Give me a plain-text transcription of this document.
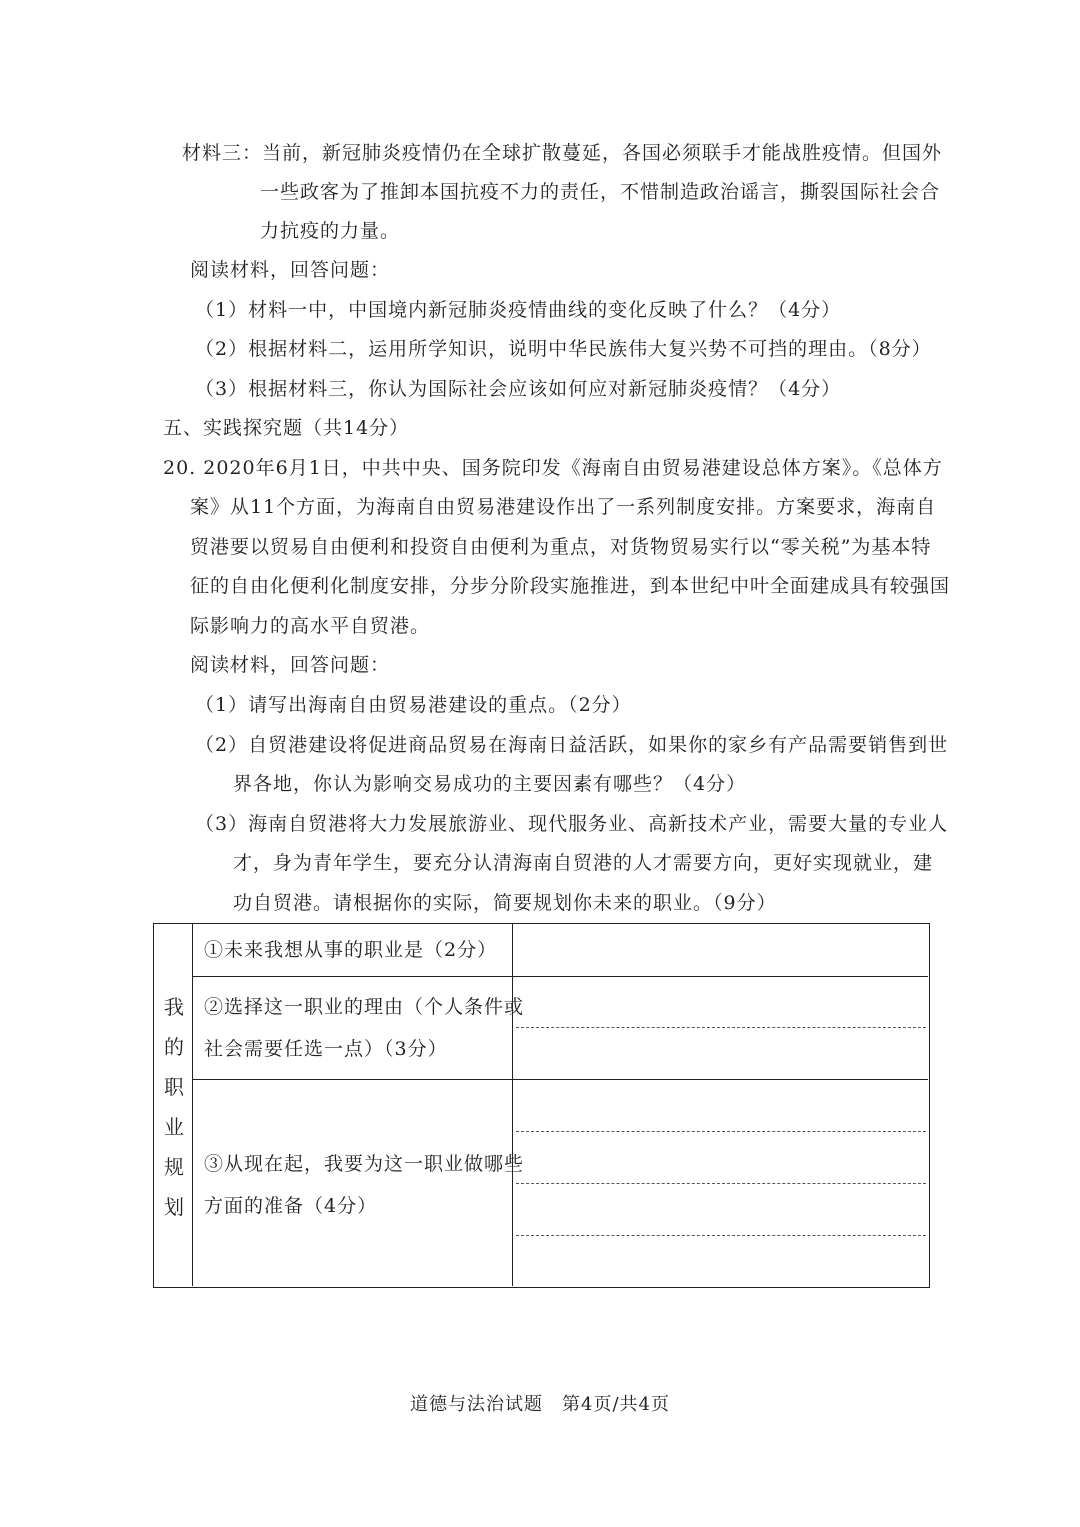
材料三：当前，新冠肺炎疫情仍在全球扩散蔓延，各国必须联手才能战胜疫情。但国外
一些政客为了推卸本国抗疫不力的责任，不惜制造政治谣言，撕裂国际社会合
力抗疫的力量。
阅读材料，回答问题：
（1）材料一中，中国境内新冠肺炎疫情曲线的变化反映了什么？（4分）
（2）根据材料二，运用所学知识，说明中华民族伟大复兴势不可挡的理由。（8分）
（3）根据材料三，你认为国际社会应该如何应对新冠肺炎疫情？（4分）
五、实践探究题（共14分）
20. 2020年6月1日，中共中央、国务院印发《海南自由贸易港建设总体方案》。《总体方
案》从11个方面，为海南自由贸易港建设作出了一系列制度安排。方案要求，海南自
贸港要以贸易自由便利和投资自由便利为重点，对货物贸易实行以“零关税”为基本特
征的自由化便利化制度安排，分步分阶段实施推进，到本世纪中叶全面建成具有较强国
际影响力的高水平自贸港。
阅读材料，回答问题：
（1）请写出海南自由贸易港建设的重点。（2分）
（2）自贸港建设将促进商品贸易在海南日益活跃，如果你的家乡有产品需要销售到世
界各地，你认为影响交易成功的主要因素有哪些？（4分）
（3）海南自贸港将大力发展旅游业、现代服务业、高新技术产业，需要大量的专业人
才，身为青年学生，要充分认清海南自贸港的人才需要方向，更好实现就业，建
功自贸港。请根据你的实际，简要规划你未来的职业。（9分）
我
的
职
业
规
划
①未来我想从事的职业是（2分）
②选择这一职业的理由（个人条件或
社会需要任选一点）（3分）
③从现在起，我要为这一职业做哪些
方面的准备（4分）
道德与法治试题　第4页/共4页
